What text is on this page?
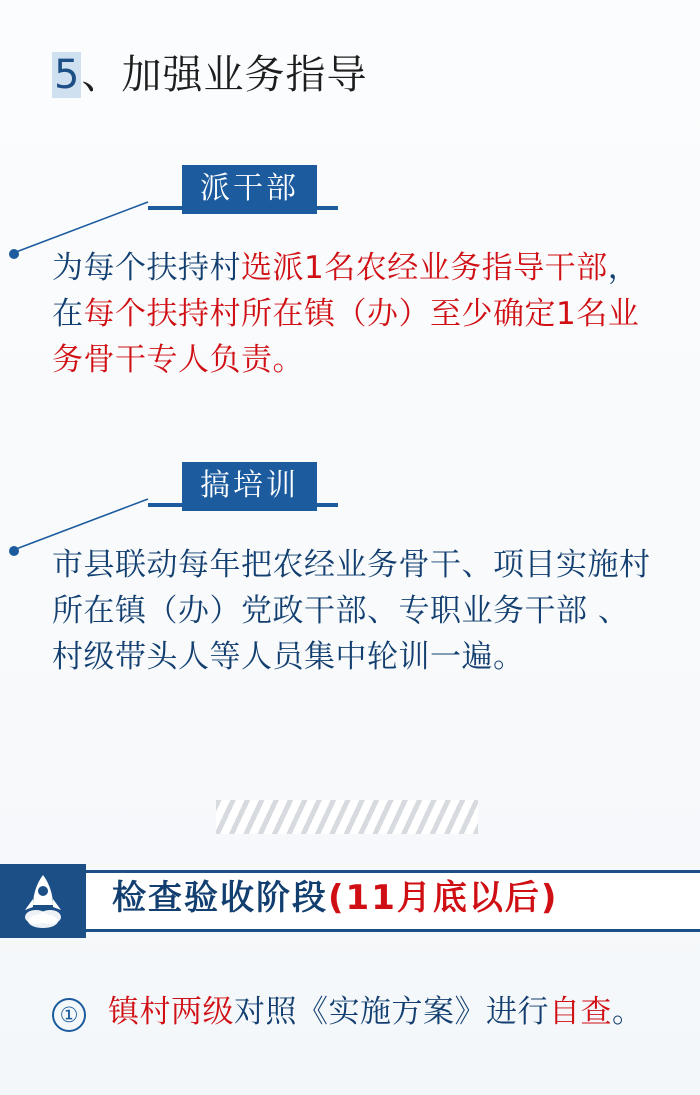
5 、 加强业务指导
派干部
为每个扶持村选派1名农经业务指导干部，在每个扶持村所在镇（办）至少确定1名业务骨干专人负责。
搞培训
市县联动每年把农经业务骨干、项目实施村所在镇（办）党政干部、专职业务干部 、村级带头人等人员集中轮训一遍。
检查验收阶段(11月底以后)
① 镇村两级对照《实施方案》进行自查。
